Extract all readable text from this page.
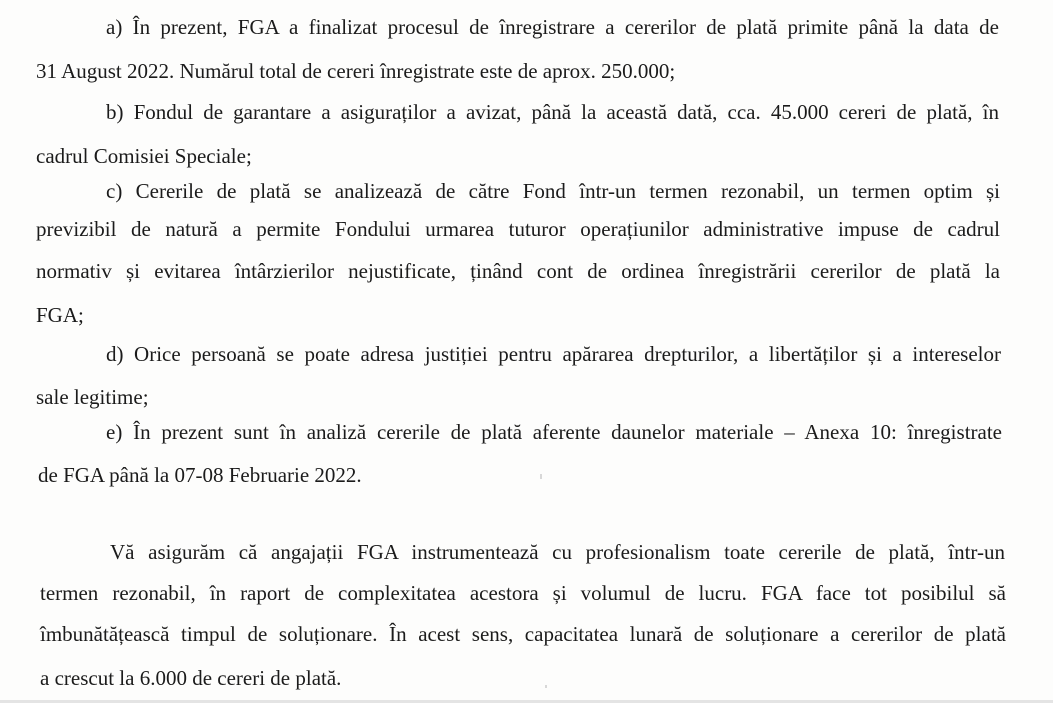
a) În prezent, FGA a finalizat procesul de înregistrare a cererilor de plată primite până la data de
31 August 2022. Numărul total de cereri înregistrate este de aprox. 250.000;
b) Fondul de garantare a asiguraților a avizat, până la această dată, cca. 45.000 cereri de plată, în
cadrul Comisiei Speciale;
c) Cererile de plată se analizează de către Fond într-un termen rezonabil, un termen optim și
previzibil de natură a permite Fondului urmarea tuturor operațiunilor administrative impuse de cadrul
normativ și evitarea întârzierilor nejustificate, ținând cont de ordinea înregistrării cererilor de plată la
FGA;
d) Orice persoană se poate adresa justiției pentru apărarea drepturilor, a libertăților și a intereselor
sale legitime;
e) În prezent sunt în analiză cererile de plată aferente daunelor materiale – Anexa 10: înregistrate
de FGA până la 07-08 Februarie 2022.
Vă asigurăm că angajații FGA instrumentează cu profesionalism toate cererile de plată, într-un
termen rezonabil, în raport de complexitatea acestora și volumul de lucru. FGA face tot posibilul să
îmbunătățească timpul de soluționare. În acest sens, capacitatea lunară de soluționare a cererilor de plată
a crescut la 6.000 de cereri de plată.
